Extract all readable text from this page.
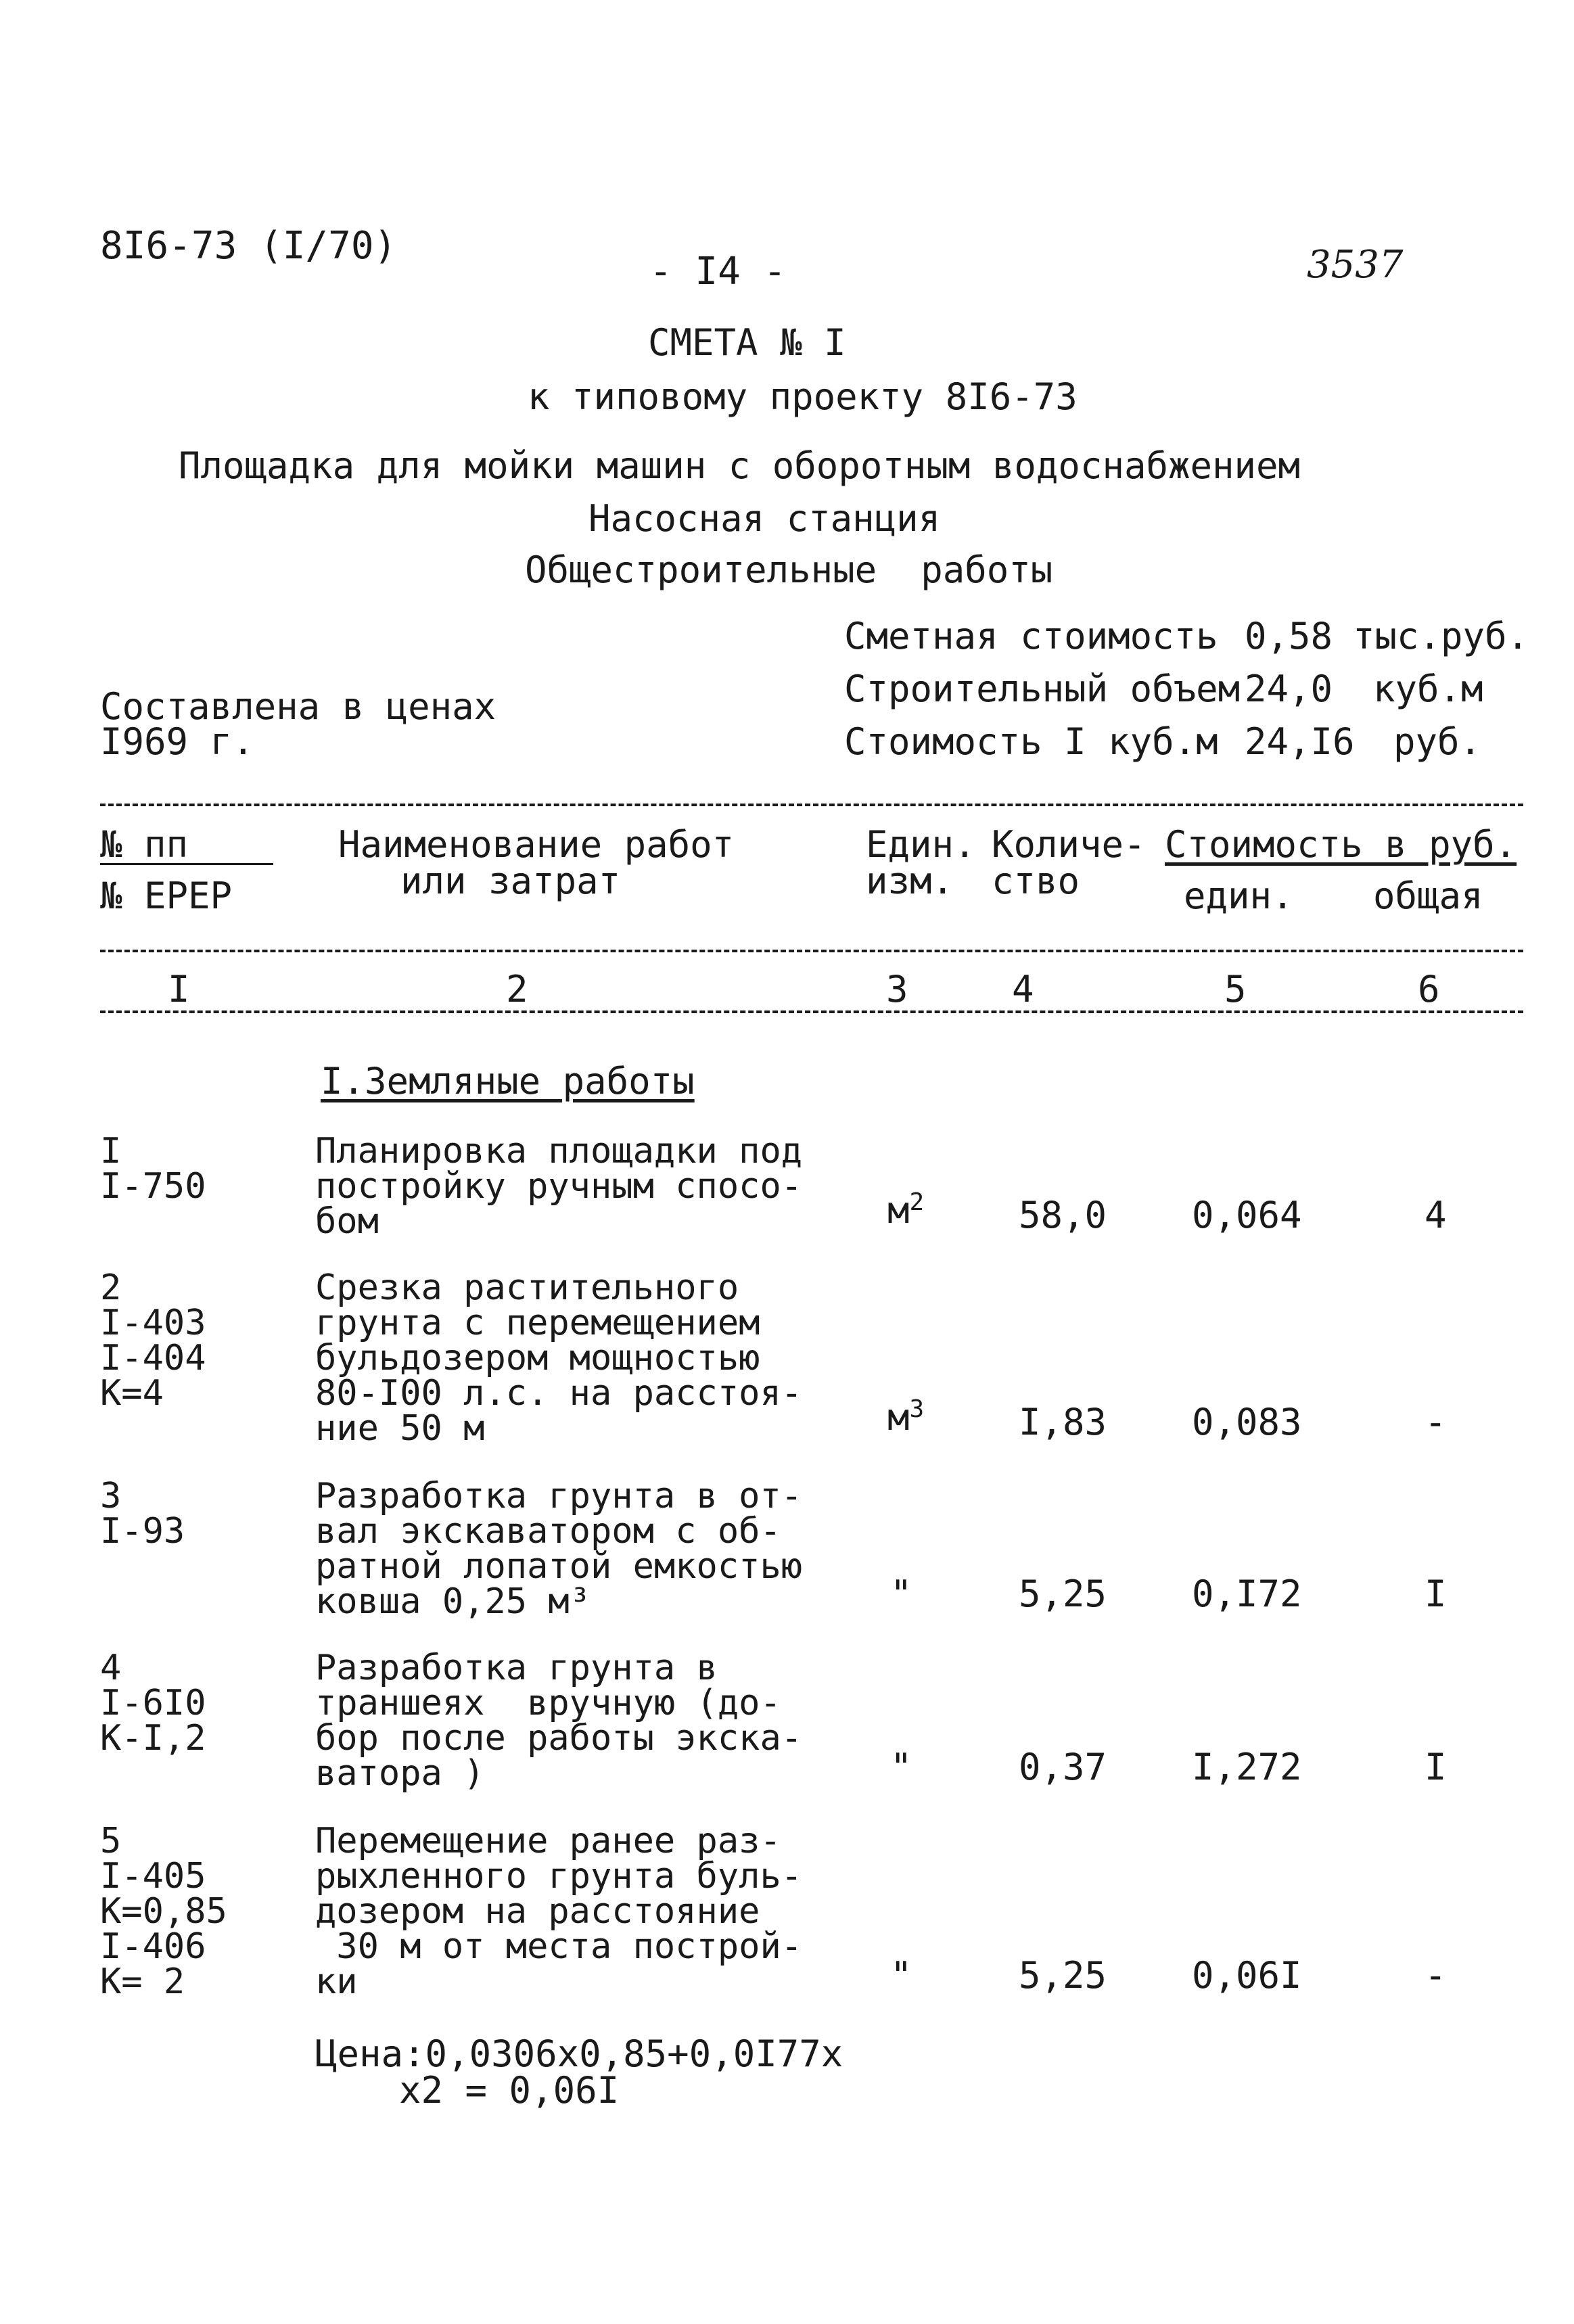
8I6-73 (I/70)
- I4 -	3537
СМЕТА № I
к типовому проекту 8I6-73
Площадка для мойки машин с оборотным водоснабжением
Насосная станция
Общестроительные  работы
Сметная стоимость 0,58 тыс.руб.
Строительный объем 24,0 куб.м
Стоимость I куб.м 24,I6 руб.
Составлена в ценах
I969 г.
№ пп
№ ЕРЕР
Наименование работ
или затрат
Един.
изм.
Количе-
ство
Стоимость в руб.
един. общая
I	2	3	4	5	6
I.Земляные работы
I
I-750
Планировка площадки под
постройку ручным спосо-
бом	$м^2$	58,0 0,064	4
2
I-403
I-404
К=4
Срезка растительного
грунта с перемещением
бульдозером мощностью
80-I00 л.с. на расстоя-
ние 50 м	$м^3$	I,83 0,083	-
3
I-93
Разработка грунта в от-
вал экскаватором с об-
ратной лопатой емкостью
ковша 0,25 м³	"	5,25 0,I72	I
4
I-6I0
К-I,2
Разработка грунта в
траншеях  вручную (до-
бор после работы экска-
ватора )	"	0,37 I,272	I
5
I-405
К=0,85
I-406
К= 2
Перемещение ранее раз-
рыхленного грунта буль-
дозером на расстояние
30 м от места построй-
ки	"	5,25 0,06I	-
Цена:0,0306х0,85+0,0I77х
х2 = 0,06I
